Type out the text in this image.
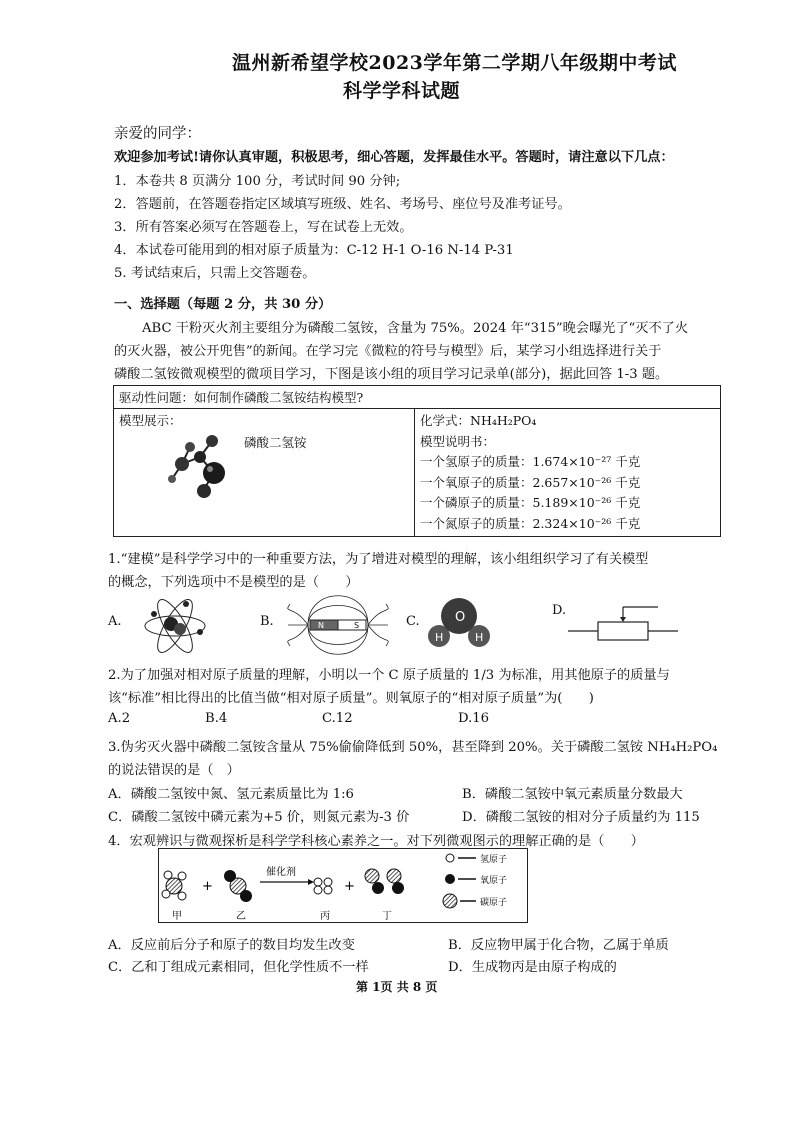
温州新希望学校2023学年第二学期八年级期中考试
科学学科试题
亲爱的同学：
欢迎参加考试!请你认真审题，积极思考，细心答题，发挥最佳水平。答题时，请注意以下几点：
1．本卷共 8 页满分 100 分，考试时间 90 分钟;
2．答题前，在答题卷指定区域填写班级、姓名、考场号、座位号及准考证号。
3．所有答案必须写在答题卷上，写在试卷上无效。
4．本试卷可能用到的相对原子质量为：C-12 H-1 O-16 N-14 P-31
5. 考试结束后，只需上交答题卷。
一、选择题（每题 2 分，共 30 分）
ABC 干粉灭火剂主要组分为磷酸二氢铵，含量为 75%。2024 年“315”晚会曝光了“灭不了火
的灭火器，被公开兜售”的新闻。在学习完《微粒的符号与模型》后，某学习小组选择进行关于
磷酸二氢铵微观模型的微项目学习，下图是该小组的项目学习记录单(部分)，据此回答 1-3 题。
驱动性问题：如何制作磷酸二氢铵结构模型?
模型展示：
磷酸二氢铵

化学式：NH₄H₂PO₄
模型说明书：
一个氢原子的质量：1.674×10⁻²⁷ 千克
一个氧原子的质量：2.657×10⁻²⁶ 千克
一个磷原子的质量：5.189×10⁻²⁶ 千克
一个氮原子的质量：2.324×10⁻²⁶ 千克
1.“建模”是科学学习中的一种重要方法，为了增进对模型的理解，该小组组织学习了有关模型
的概念，下列选项中不是模型的是（　　）
A.	B.	N	S	C.	O
H	H
D.
2.为了加强对相对原子质量的理解，小明以一个 C 原子质量的 1/3 为标准，用其他原子的质量与
该“标准”相比得出的比值当做“相对原子质量”。则氧原子的“相对原子质量”为(　　)
A.2	B.4	C.12	D.16
3.伪劣灭火器中磷酸二氢铵含量从 75%偷偷降低到 50%，甚至降到 20%。关于磷酸二氢铵 NH₄H₂PO₄
的说法错误的是（　）
A．磷酸二氢铵中氮、氢元素质量比为 1:6	B．磷酸二氢铵中氧元素质量分数最大
C．磷酸二氢铵中磷元素为+5 价，则氮元素为-3 价	D．磷酸二氢铵的相对分子质量约为 115
4．宏观辨识与微观探析是科学学科核心素养之一。对下列微观图示的理解正确的是（　　）
+
催化剂
+
甲	乙	丙	丁
氢原子
氧原子
碳原子
A．反应前后分子和原子的数目均发生改变	B．反应物甲属于化合物，乙属于单质
C．乙和丁组成元素相同，但化学性质不一样	D．生成物丙是由原子构成的
第 1页 共 8 页
